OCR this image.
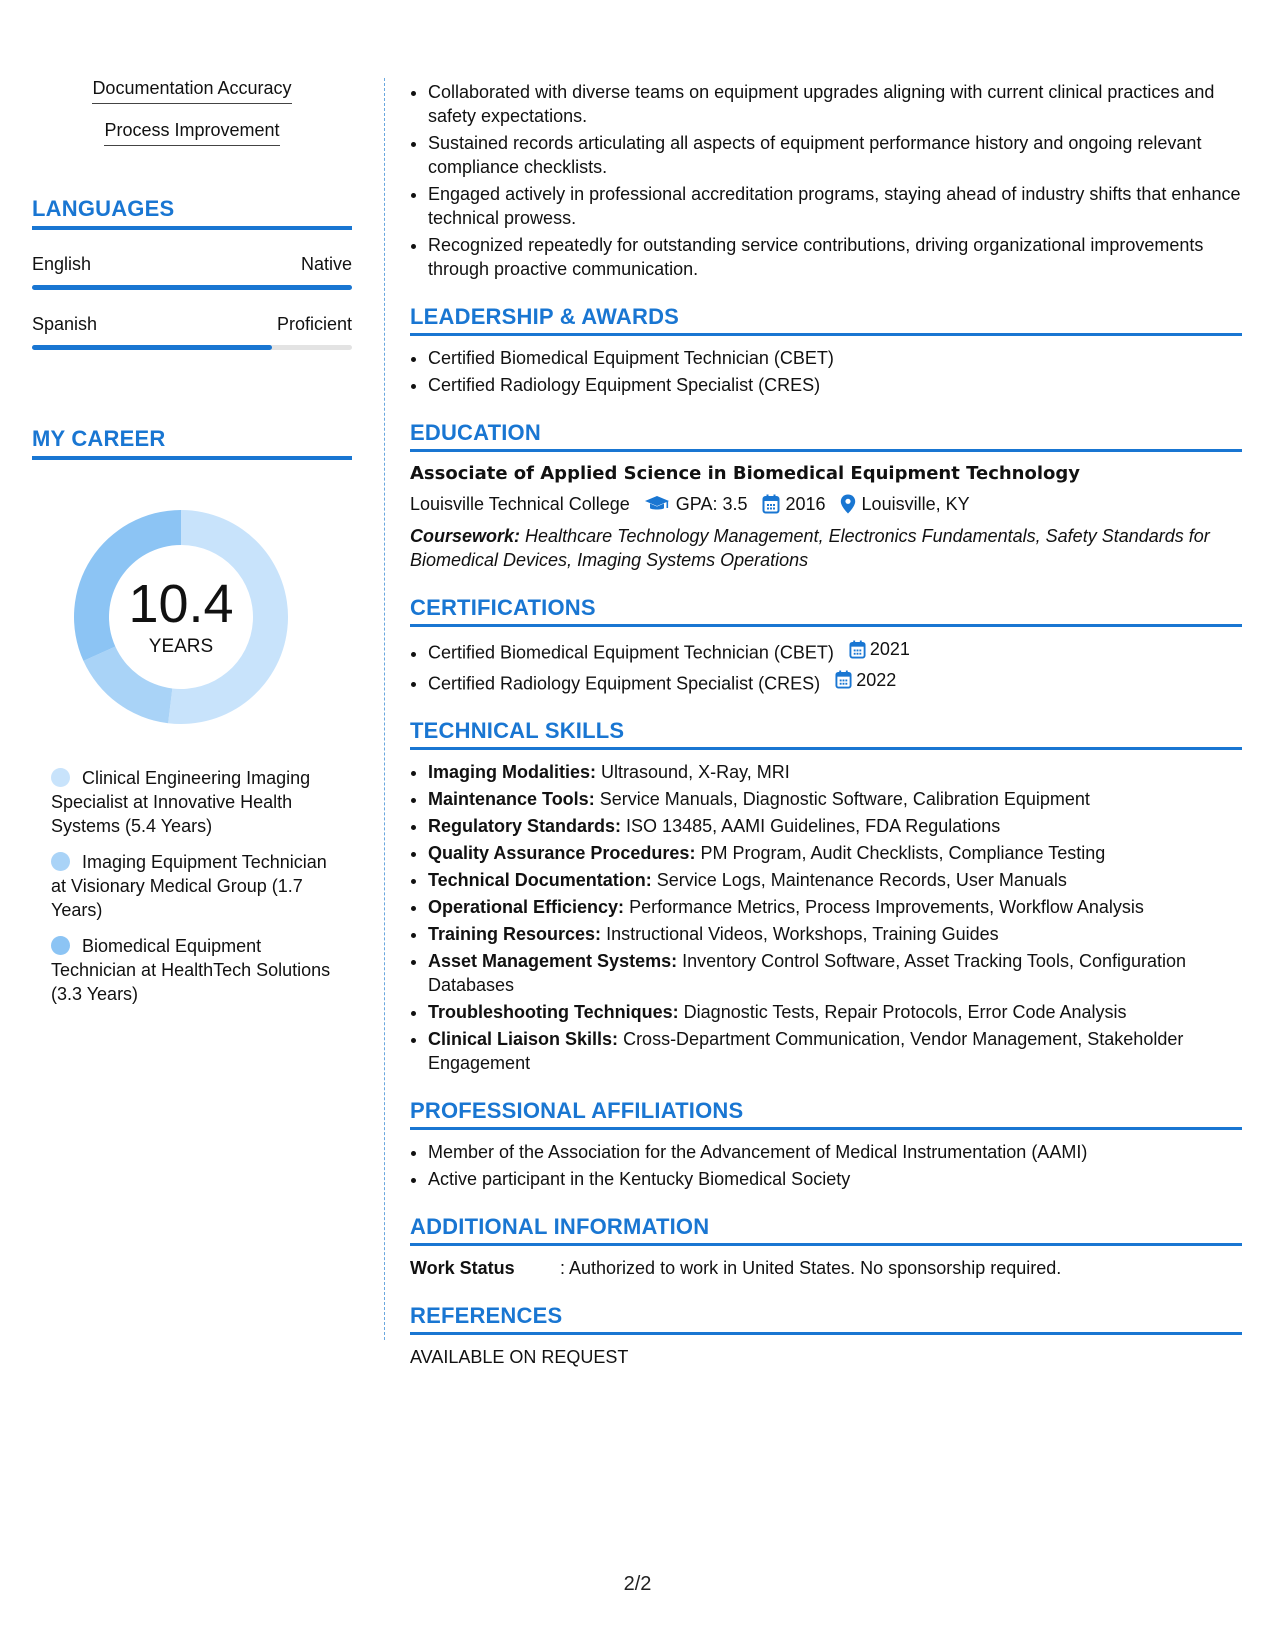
Documentation Accuracy
Process Improvement
LANGUAGES
English	Native
Spanish	Proficient
MY CAREER
10.4
YEARS
Clinical Engineering Imaging Specialist at Innovative Health Systems (5.4 Years)
Imaging Equipment Technician at Visionary Medical Group (1.7 Years)
Biomedical Equipment Technician at HealthTech Solutions (3.3 Years)
• Collaborated with diverse teams on equipment upgrades aligning with current clinical practices and safety expectations.
• Sustained records articulating all aspects of equipment performance history and ongoing relevant compliance checklists.
• Engaged actively in professional accreditation programs, staying ahead of industry shifts that enhance technical prowess.
• Recognized repeatedly for outstanding service contributions, driving organizational improvements through proactive communication.
LEADERSHIP & AWARDS
• Certified Biomedical Equipment Technician (CBET)
• Certified Radiology Equipment Specialist (CRES)
EDUCATION
Associate of Applied Science in Biomedical Equipment Technology
Louisville Technical College	GPA: 3.5 2016 Louisville, KY
Coursework: Healthcare Technology Management, Electronics Fundamentals, Safety Standards for Biomedical Devices, Imaging Systems Operations
CERTIFICATIONS
• Certified Biomedical Equipment Technician (CBET) 2021
• Certified Radiology Equipment Specialist (CRES) 2022
TECHNICAL SKILLS
• Imaging Modalities: Ultrasound, X-Ray, MRI
• Maintenance Tools: Service Manuals, Diagnostic Software, Calibration Equipment
• Regulatory Standards: ISO 13485, AAMI Guidelines, FDA Regulations
• Quality Assurance Procedures: PM Program, Audit Checklists, Compliance Testing
• Technical Documentation: Service Logs, Maintenance Records, User Manuals
• Operational Efficiency: Performance Metrics, Process Improvements, Workflow Analysis
• Training Resources: Instructional Videos, Workshops, Training Guides
• Asset Management Systems: Inventory Control Software, Asset Tracking Tools, Configuration Databases
• Troubleshooting Techniques: Diagnostic Tests, Repair Protocols, Error Code Analysis
• Clinical Liaison Skills: Cross-Department Communication, Vendor Management, Stakeholder Engagement
PROFESSIONAL AFFILIATIONS
• Member of the Association for the Advancement of Medical Instrumentation (AAMI)
• Active participant in the Kentucky Biomedical Society
ADDITIONAL INFORMATION
Work Status	: Authorized to work in United States. No sponsorship required.
REFERENCES
AVAILABLE ON REQUEST
2/2
